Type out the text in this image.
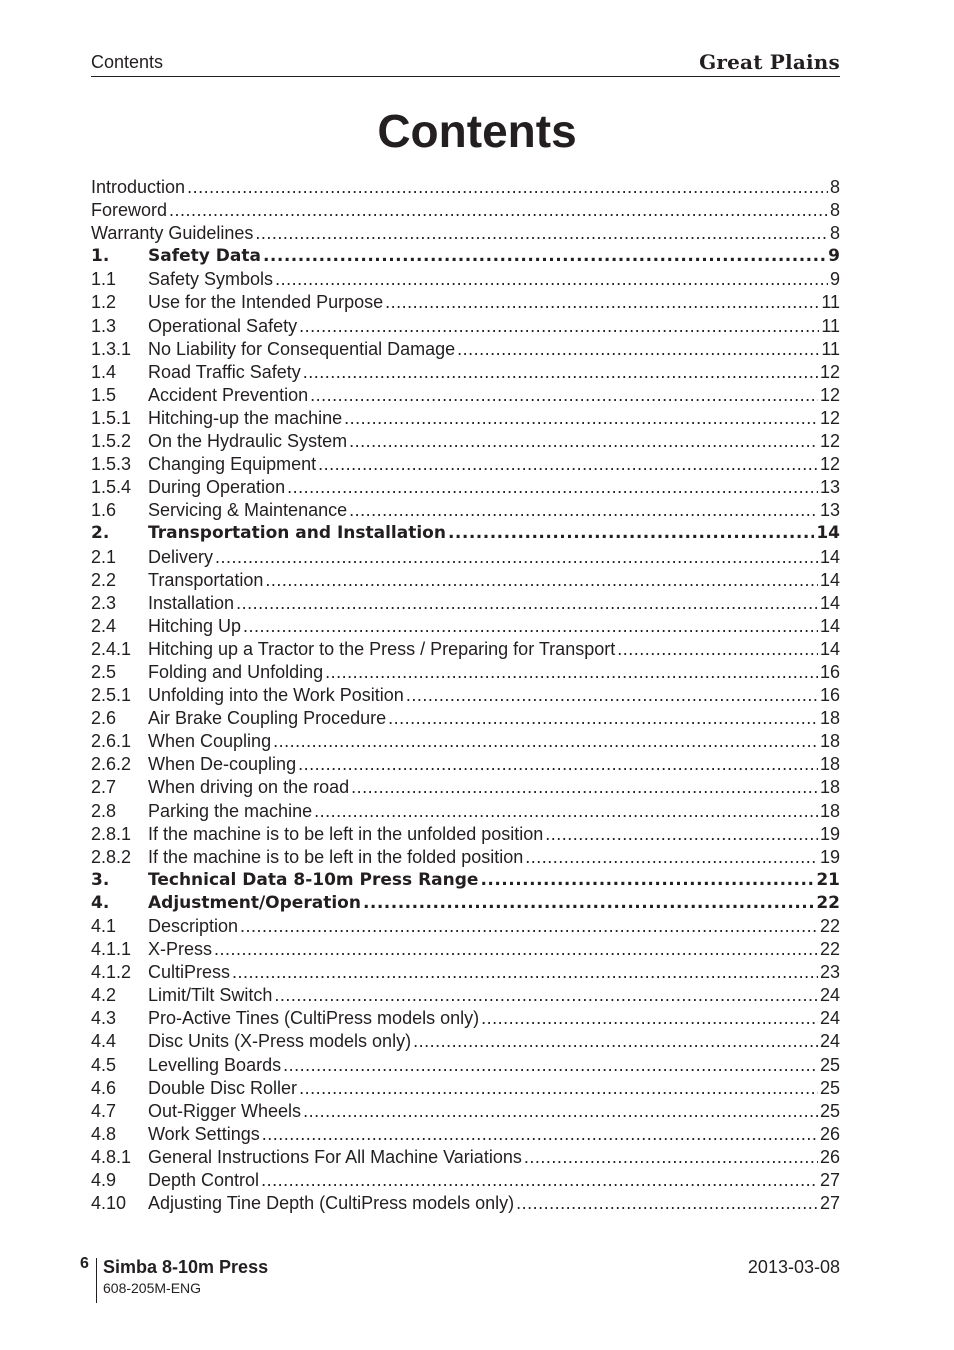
Contents	Great Plains
Contents
Introduction .....	8
Foreword .....	8
Warranty Guidelines .....	8
1.	Safety Data .....	9
1.1	Safety Symbols .....	9
1.2	Use for the Intended Purpose .....	11
1.3	Operational Safety .....	11
1.3.1 No Liability for Consequential Damage .....	11
1.4	Road Traffic Safety .....	12
1.5	Accident Prevention .....	12
1.5.1 Hitching-up the machine .....	12
1.5.2 On the Hydraulic System .....	12
1.5.3 Changing Equipment .....	12
1.5.4 During Operation .....	13
1.6	Servicing & Maintenance .....	13
2.	Transportation and Installation .....	14
2.1	Delivery .....	14
2.2	Transportation .....	14
2.3	Installation .....	14
2.4	Hitching Up .....	14
2.4.1 Hitching up a Tractor to the Press / Preparing for Transport .....	14
2.5	Folding and Unfolding .....	16
2.5.1 Unfolding into the Work Position .....	16
2.6	Air Brake Coupling Procedure .....	18
2.6.1 When Coupling .....	18
2.6.2 When De-coupling .....	18
2.7	When driving on the road .....	18
2.8	Parking the machine .....	18
2.8.1 If the machine is to be left in the unfolded position .....	19
2.8.2 If the machine is to be left in the folded position .....	19
3.	Technical Data 8-10m Press Range .....	21
4.	Adjustment/Operation .....	22
4.1	Description .....	22
4.1.1 X-Press .....	22
4.1.2 CultiPress .....	23
4.2	Limit/Tilt Switch .....	24
4.3	Pro-Active Tines (CultiPress models only) .....	24
4.4	Disc Units (X-Press models only) .....	24
4.5	Levelling Boards .....	25
4.6	Double Disc Roller .....	25
4.7	Out-Rigger Wheels .....	25
4.8	Work Settings .....	26
4.8.1 General Instructions For All Machine Variations .....	26
4.9	Depth Control .....	27
4.10	Adjusting Tine Depth (CultiPress models only) .....	27
6 Simba 8-10m Press
608-205M-ENG
2013-03-08
